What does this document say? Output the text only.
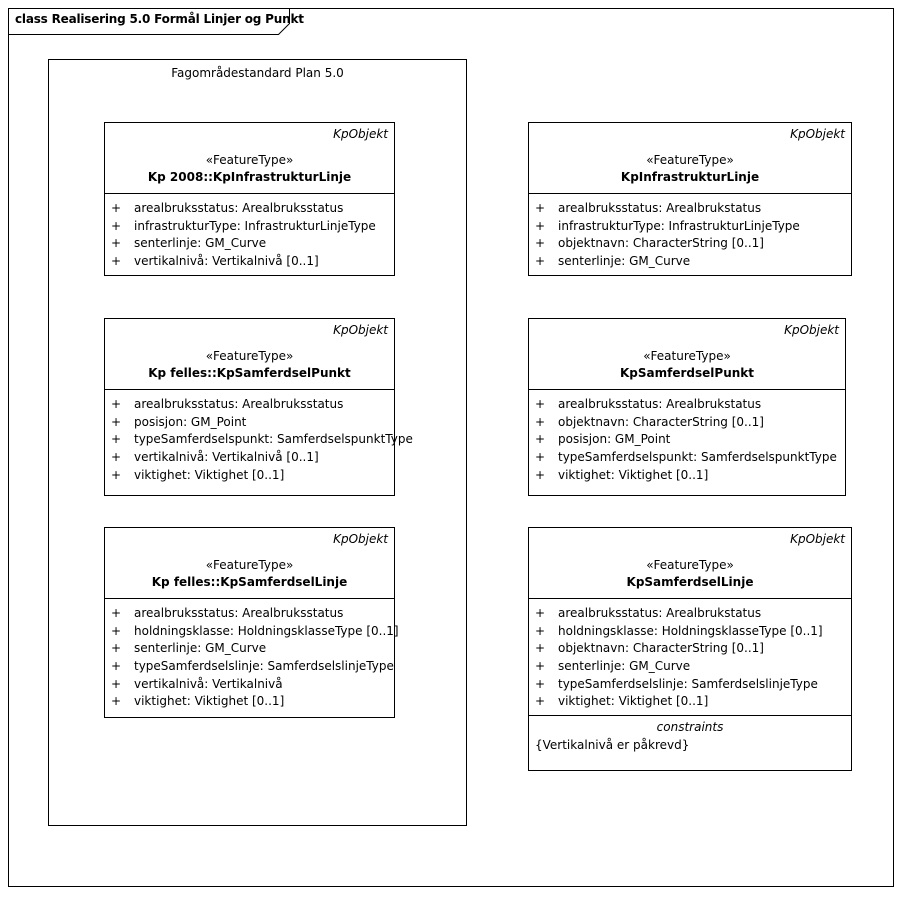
class Realisering 5.0 Formål Linjer og Punkt
Fagområdestandard Plan 5.0
KpObjekt
«FeatureType»
Kp 2008::KpInfrastrukturLinje
+ arealbruksstatus: Arealbruksstatus
+ infrastrukturType: InfrastrukturLinjeType
+ senterlinje: GM_Curve
+ vertikalnivå: Vertikalnivå [0..1]
KpObjekt
«FeatureType»
Kp felles::KpSamferdselPunkt
+ arealbruksstatus: Arealbruksstatus
+ posisjon: GM_Point
+ typeSamferdselspunkt: SamferdselspunktType
+ vertikalnivå: Vertikalnivå [0..1]
+ viktighet: Viktighet [0..1]
KpObjekt
«FeatureType»
Kp felles::KpSamferdselLinje
+ arealbruksstatus: Arealbruksstatus
+ holdningsklasse: HoldningsklasseType [0..1]
+ senterlinje: GM_Curve
+ typeSamferdselslinje: SamferdselslinjeType
+ vertikalnivå: Vertikalnivå
+ viktighet: Viktighet [0..1]
KpObjekt
«FeatureType»
KpInfrastrukturLinje
+ arealbruksstatus: Arealbrukstatus
+ infrastrukturType: InfrastrukturLinjeType
+ objektnavn: CharacterString [0..1]
+ senterlinje: GM_Curve
KpObjekt
«FeatureType»
KpSamferdselPunkt
+ arealbruksstatus: Arealbrukstatus
+ objektnavn: CharacterString [0..1]
+ posisjon: GM_Point
+ typeSamferdselspunkt: SamferdselspunktType
+ viktighet: Viktighet [0..1]
KpObjekt
«FeatureType»
KpSamferdselLinje
+ arealbruksstatus: Arealbrukstatus
+ holdningsklasse: HoldningsklasseType [0..1]
+ objektnavn: CharacterString [0..1]
+ senterlinje: GM_Curve
+ typeSamferdselslinje: SamferdselslinjeType
+ viktighet: Viktighet [0..1]
constraints
{Vertikalnivå er påkrevd}
